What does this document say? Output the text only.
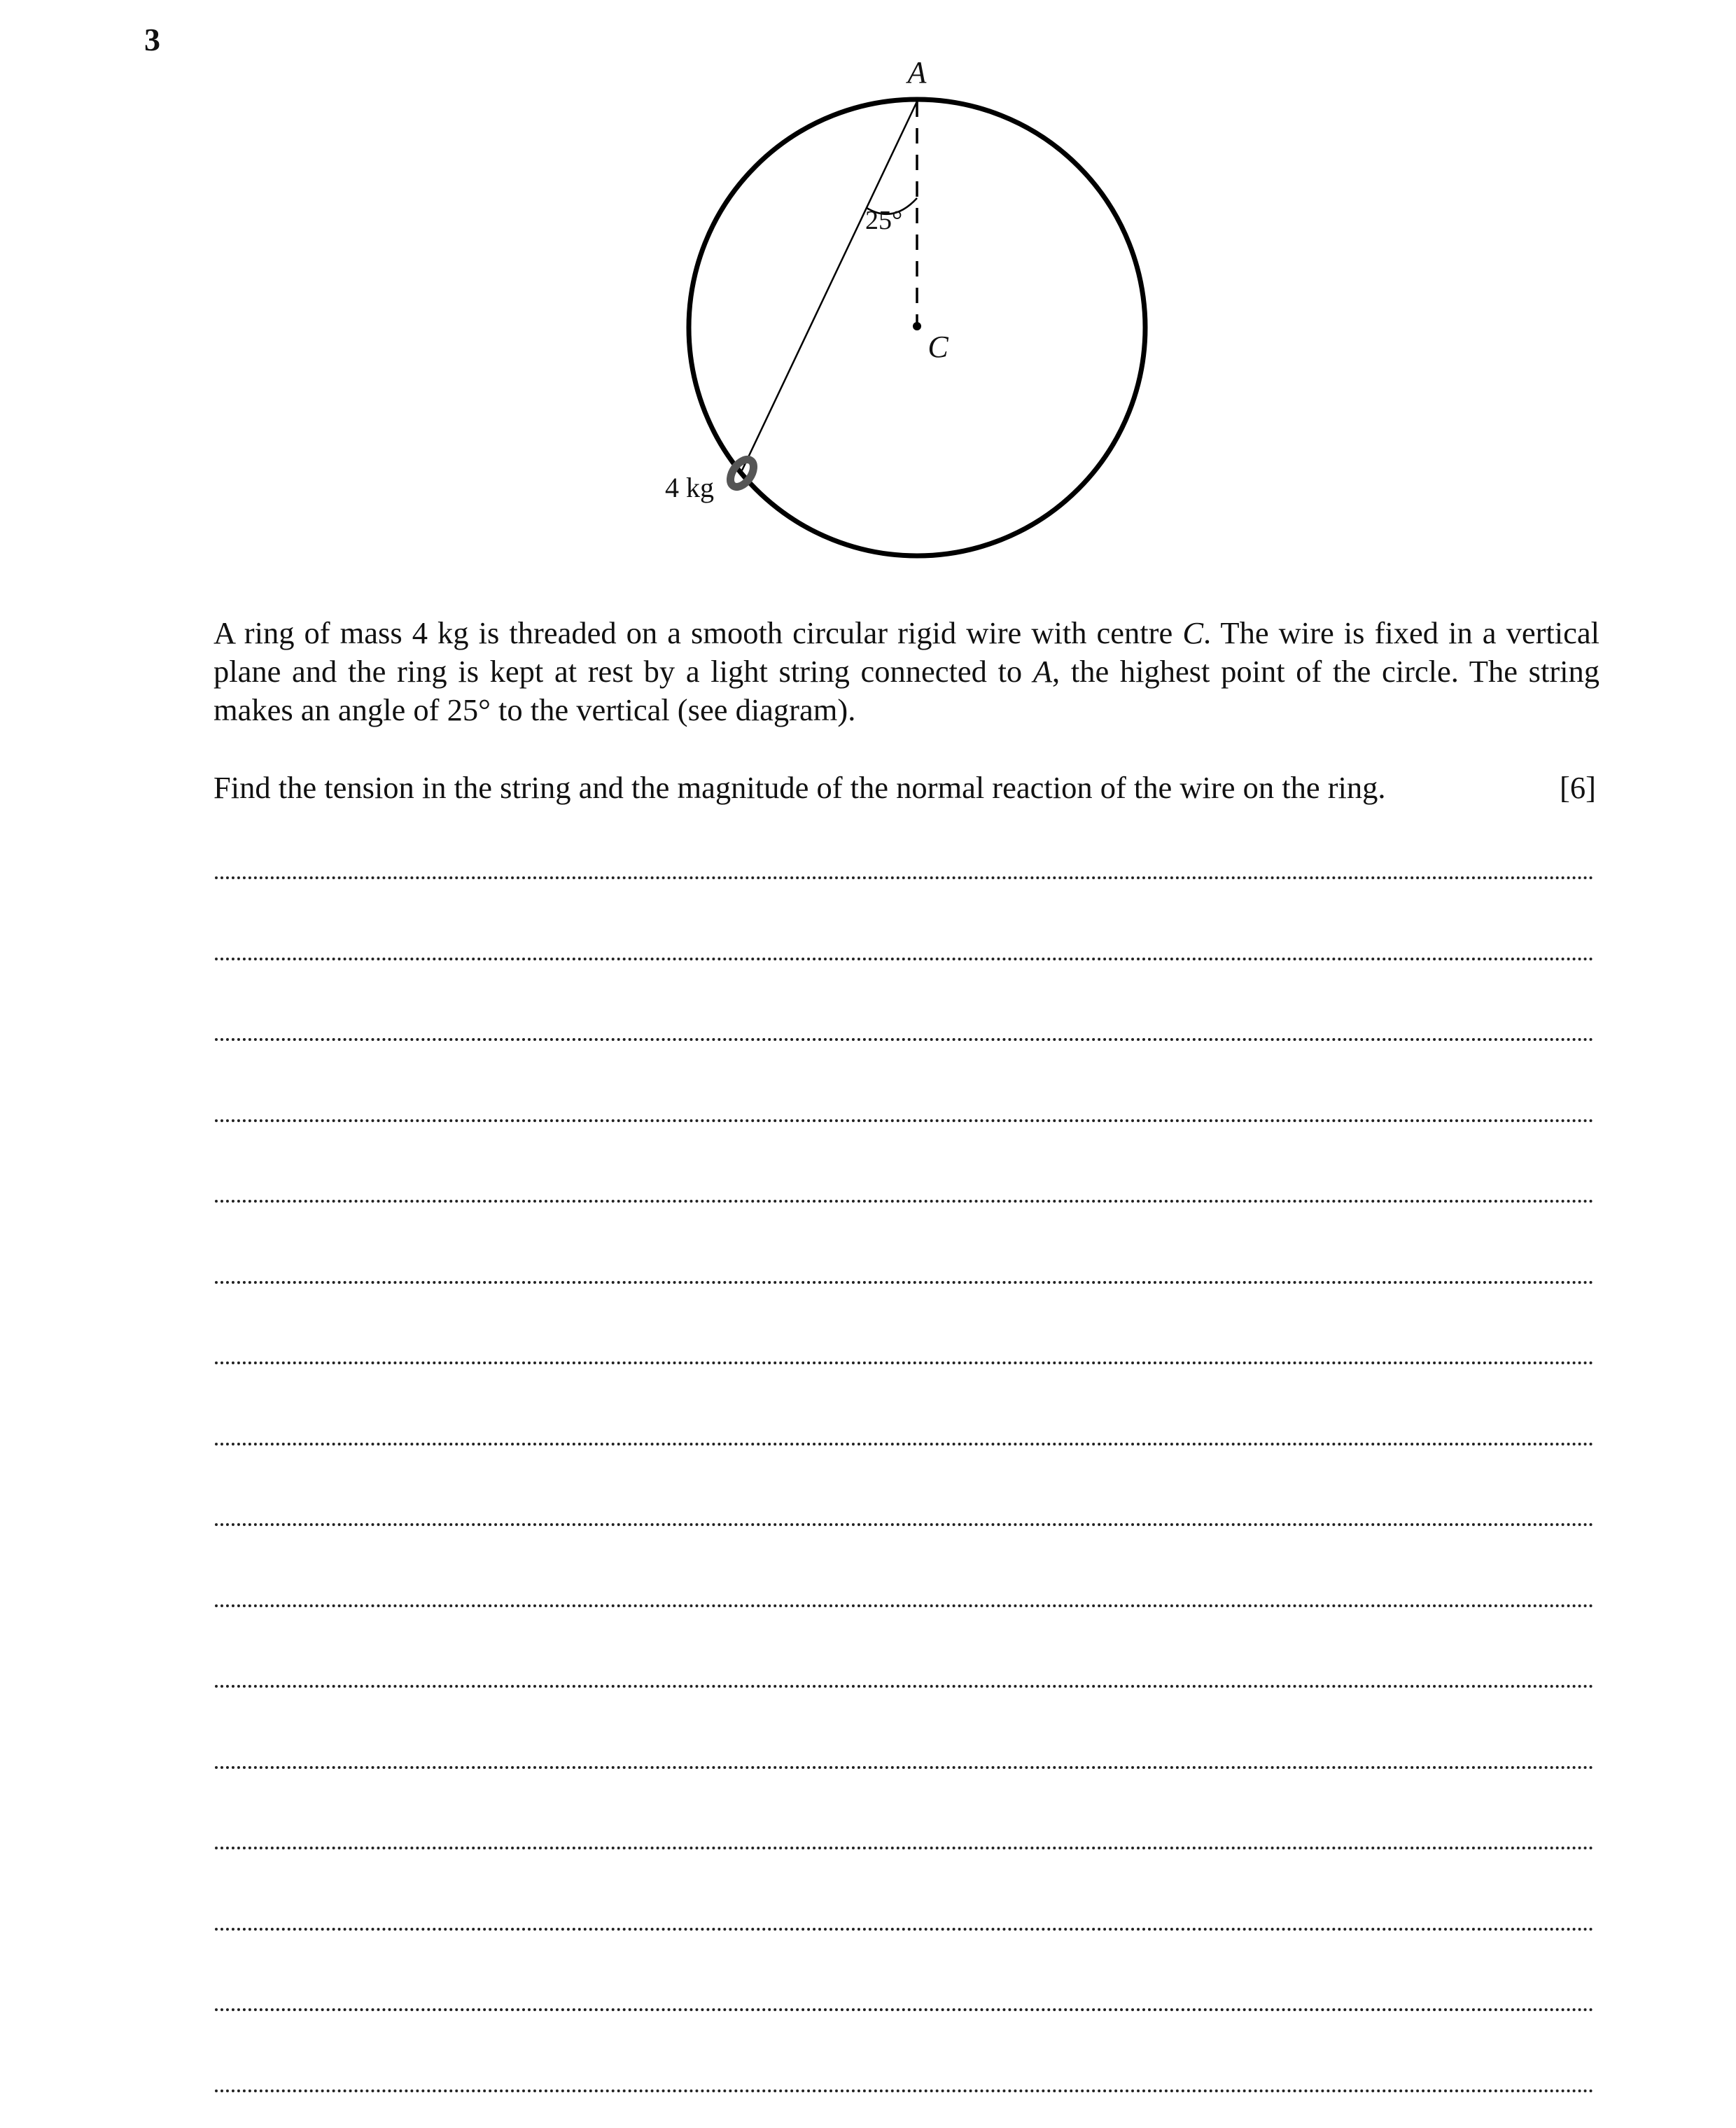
3
A
C
25°
4 kg

A ring of mass 4 kg is threaded on a smooth circular rigid wire with centre C. The wire is fixed in a vertical plane and the ring is kept at rest by a light string connected to A, the highest point of the circle. The string makes an angle of 25° to the vertical (see diagram).

Find the tension in the string and the magnitude of the normal reaction of the wire on the ring.	[6]
